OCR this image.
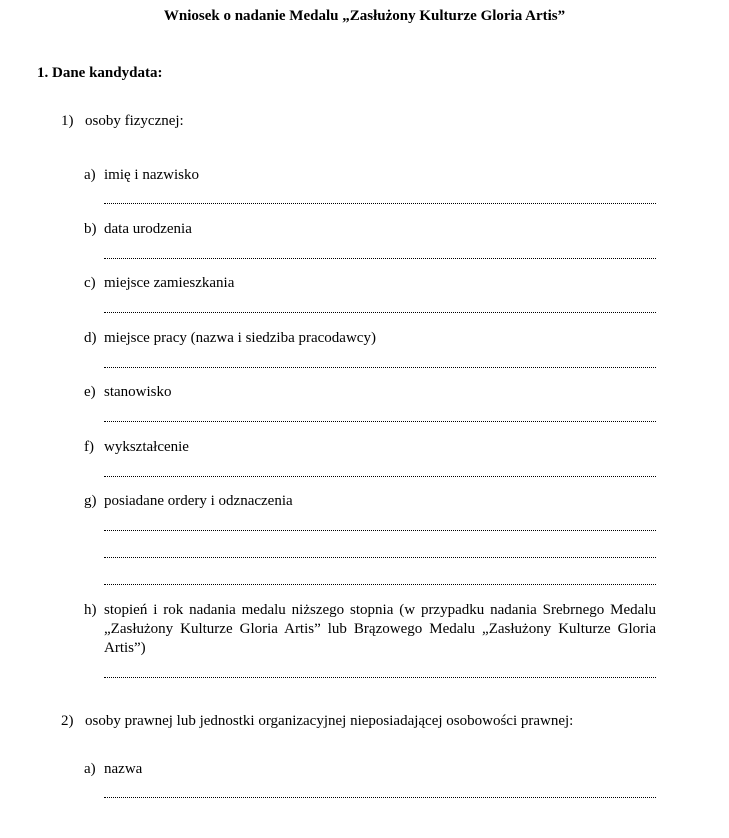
Wniosek o nadanie Medalu „Zasłużony Kulturze Gloria Artis”
1. Dane kandydata:
1) osoby fizycznej:
a) imię i nazwisko
b) data urodzenia
c) miejsce zamieszkania
d) miejsce pracy (nazwa i siedziba pracodawcy)
e) stanowisko
f) wykształcenie
g) posiadane ordery i odznaczenia
h) stopień i rok nadania medalu niższego stopnia (w przypadku nadania Srebrnego Medalu „Zasłużony Kulturze Gloria Artis” lub Brązowego Medalu „Zasłużony Kulturze Gloria Artis”)
2) osoby prawnej lub jednostki organizacyjnej nieposiadającej osobowości prawnej:
a) nazwa
